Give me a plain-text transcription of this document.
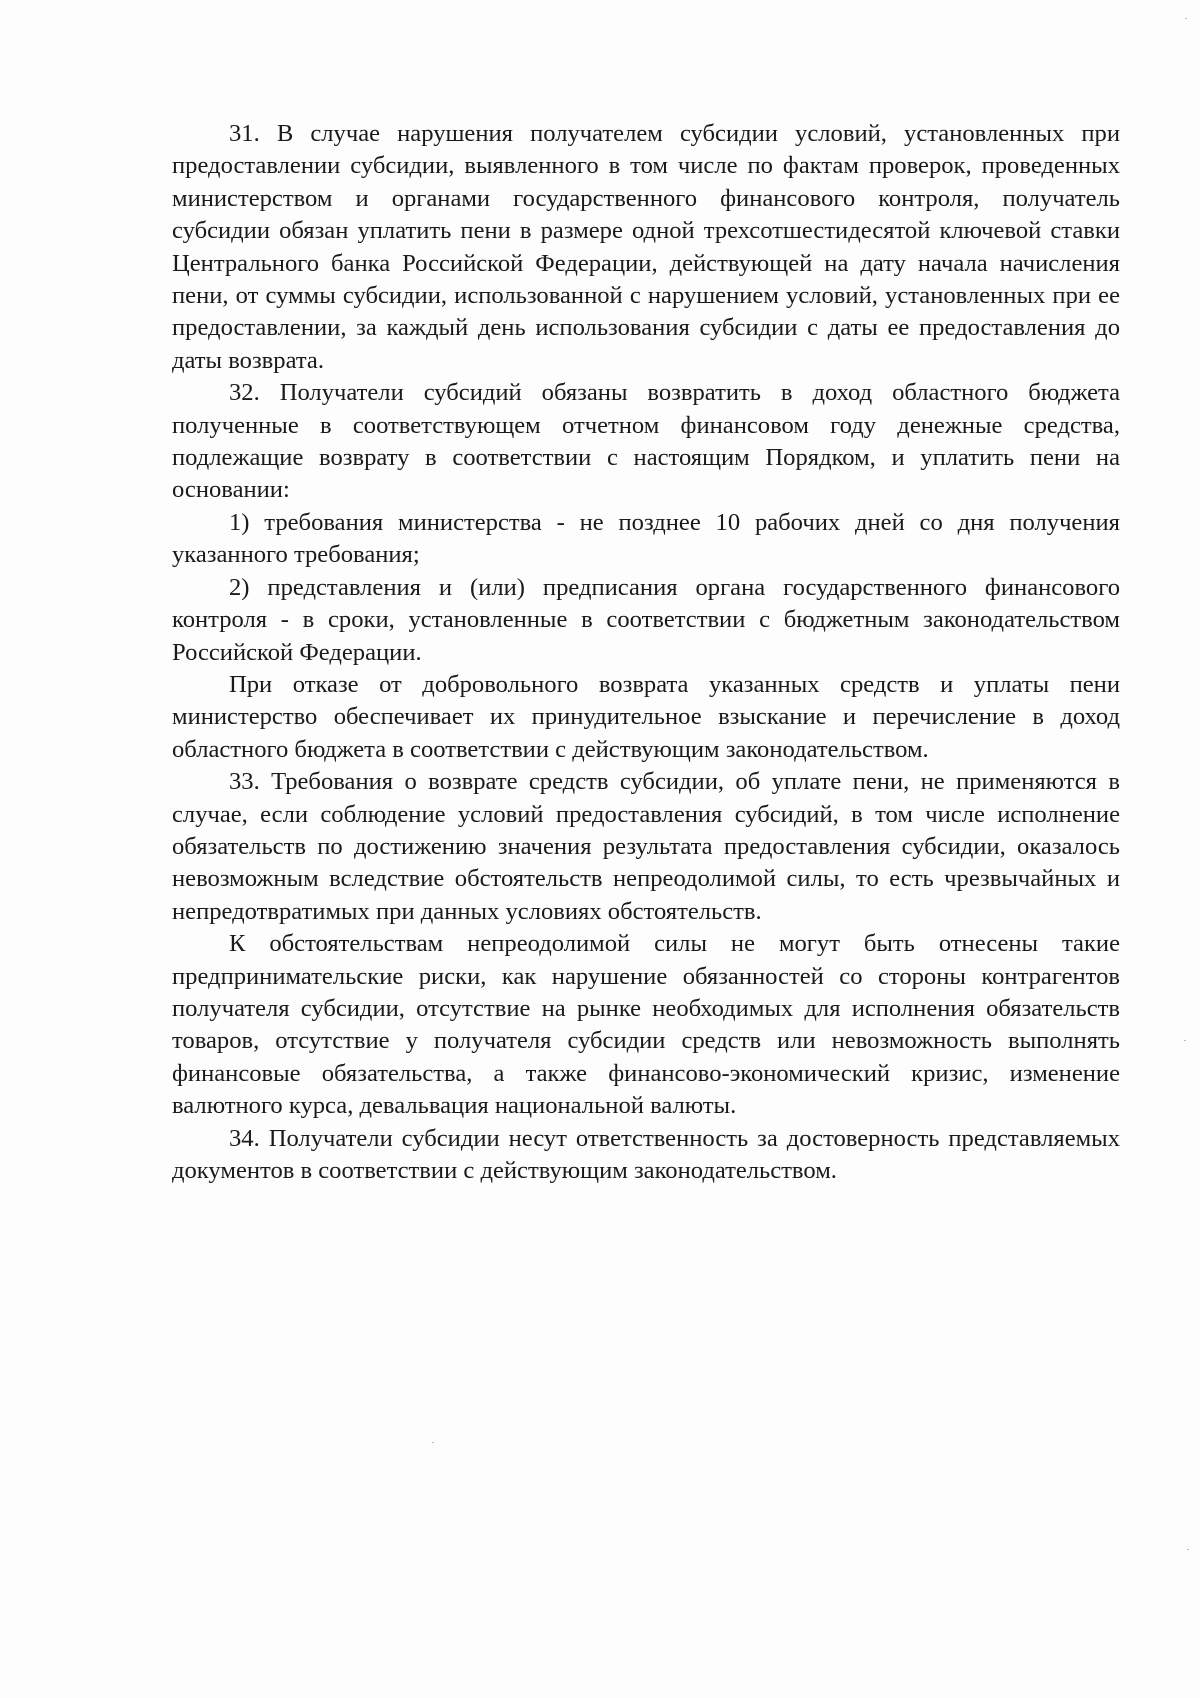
31. В случае нарушения получателем субсидии условий, установленных при предоставлении субсидии, выявленного в том числе по фактам проверок, проведенных министерством и органами государственного финансового контроля, получатель субсидии обязан уплатить пени в размере одной трехсотшестидесятой ключевой ставки Центрального банка Российской Федерации, действующей на дату начала начисления пени, от суммы субсидии, использованной с нарушением условий, установленных при ее предоставлении, за каждый день использования субсидии с даты ее предоставления до даты возврата.

32. Получатели субсидий обязаны возвратить в доход областного бюджета полученные в соответствующем отчетном финансовом году денежные средства, подлежащие возврату в соответствии с настоящим Порядком, и уплатить пени на основании:

1) требования министерства - не позднее 10 рабочих дней со дня получения указанного требования;

2) представления и (или) предписания органа государственного финансового контроля - в сроки, установленные в соответствии с бюджетным законодательством Российской Федерации.

При отказе от добровольного возврата указанных средств и уплаты пени министерство обеспечивает их принудительное взыскание и перечисление в доход областного бюджета в соответствии с действующим законодательством.

33. Требования о возврате средств субсидии, об уплате пени, не применяются в случае, если соблюдение условий предоставления субсидий, в том числе исполнение обязательств по достижению значения результата предоставления субсидии, оказалось невозможным вследствие обстоятельств непреодолимой силы, то есть чрезвычайных и непредотвратимых при данных условиях обстоятельств.

К обстоятельствам непреодолимой силы не могут быть отнесены такие предпринимательские риски, как нарушение обязанностей со стороны контрагентов получателя субсидии, отсутствие на рынке необходимых для исполнения обязательств товаров, отсутствие у получателя субсидии средств или невозможность выполнять финансовые обязательства, а также финансово-экономический кризис, изменение валютного курса, девальвация национальной валюты.

34. Получатели субсидии несут ответственность за достоверность представляемых документов в соответствии с действующим законодательством.
